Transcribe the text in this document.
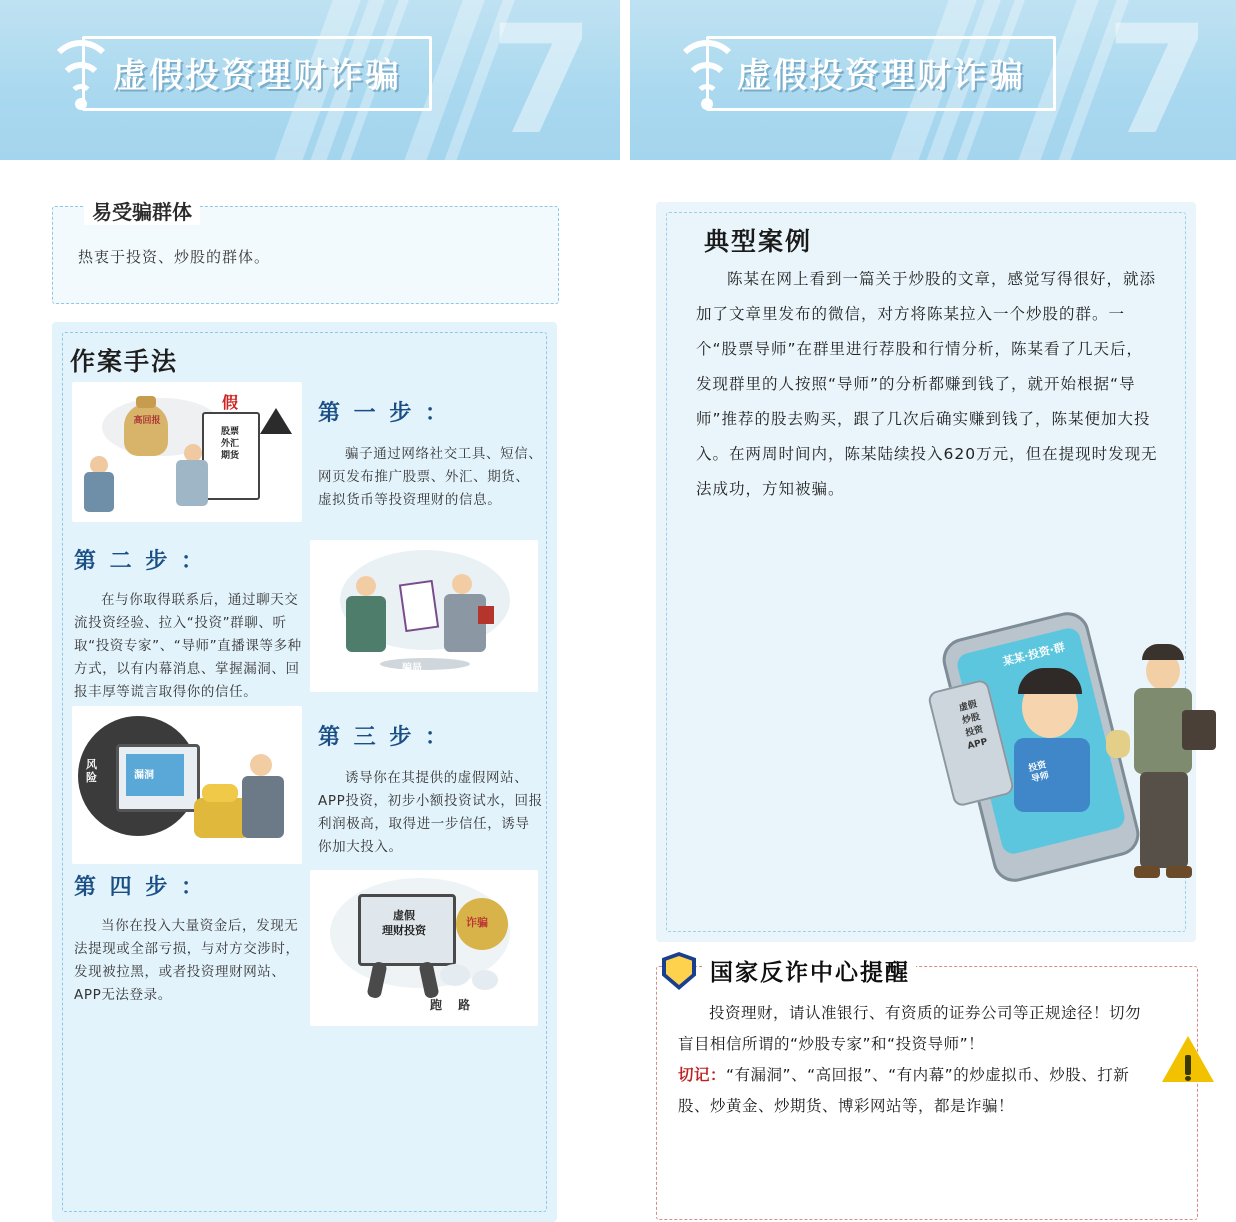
7
虚假投资理财诈骗
易受骗群体
热衷于投资、炒股的群体。
作案手法
高回报
股票
外汇
期货
假	第 一 步 ：
骗子通过网络社交工具、短信、网页发布推广股票、外汇、期货、虚拟货币等投资理财的信息。
第 二 步 ：
在与你取得联系后，通过聊天交流投资经验、拉入“投资”群聊、听取“投资专家”、“导师”直播课等多种方式，以有内幕消息、掌握漏洞、回报丰厚等谎言取得你的信任。
骗局
漏洞
风
险
第 三 步 ：
诱导你在其提供的虚假网站、APP投资，初步小额投资试水，回报利润极高，取得进一步信任，诱导你加大投入。
第 四 步 ：
当你在投入大量资金后，发现无法提现或全部亏损，与对方交涉时，发现被拉黑，或者投资理财网站、APP无法登录。
虚假
理财投资
诈骗
跑 路
7
虚假投资理财诈骗
典型案例
陈某在网上看到一篇关于炒股的文章，感觉写得很好，就添加了文章里发布的微信，对方将陈某拉入一个炒股的群。一个“股票导师”在群里进行荐股和行情分析，陈某看了几天后，发现群里的人按照“导师”的分析都赚到钱了，就开始根据“导师”推荐的股去购买，跟了几次后确实赚到钱了，陈某便加大投入。在两周时间内，陈某陆续投入620万元，但在提现时发现无法成功，方知被骗。
某某·投资·群
虚假
炒股
投资
APP
投资
导师
国家反诈中心提醒
投资理财，请认准银行、有资质的证券公司等正规途径！切勿盲目相信所谓的“炒股专家”和“投资导师”！
切记：“有漏洞”、“高回报”、“有内幕”的炒虚拟币、炒股、打新股、炒黄金、炒期货、博彩网站等，都是诈骗！
